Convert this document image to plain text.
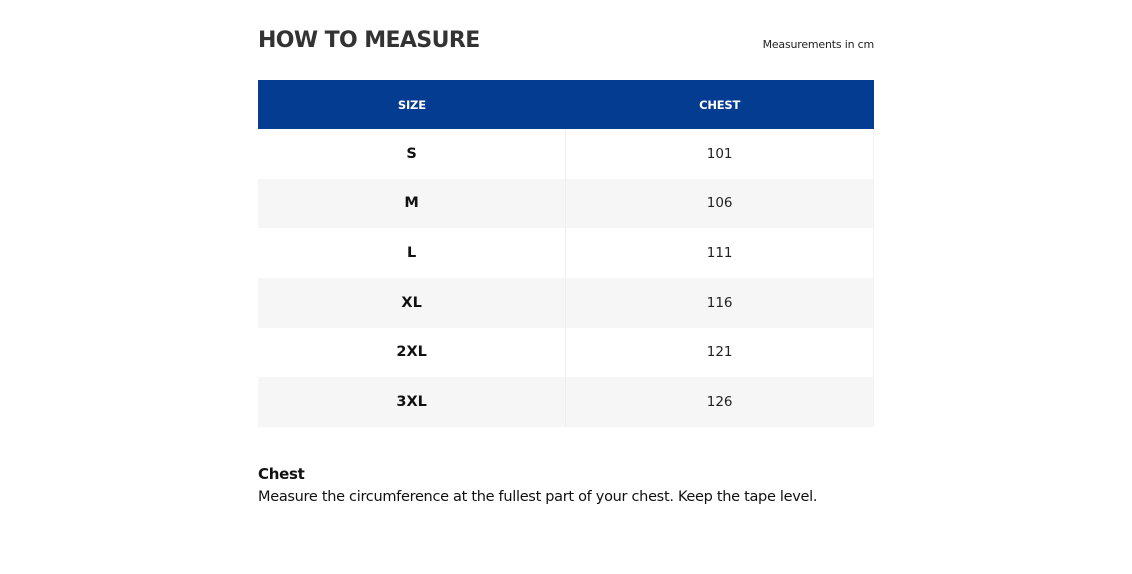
HOW TO MEASURE	Measurements in cm
SIZE	CHEST
S	101
M	106
L	111
XL	116
2XL	121
3XL	126
Chest
Measure the circumference at the fullest part of your chest. Keep the tape level.
